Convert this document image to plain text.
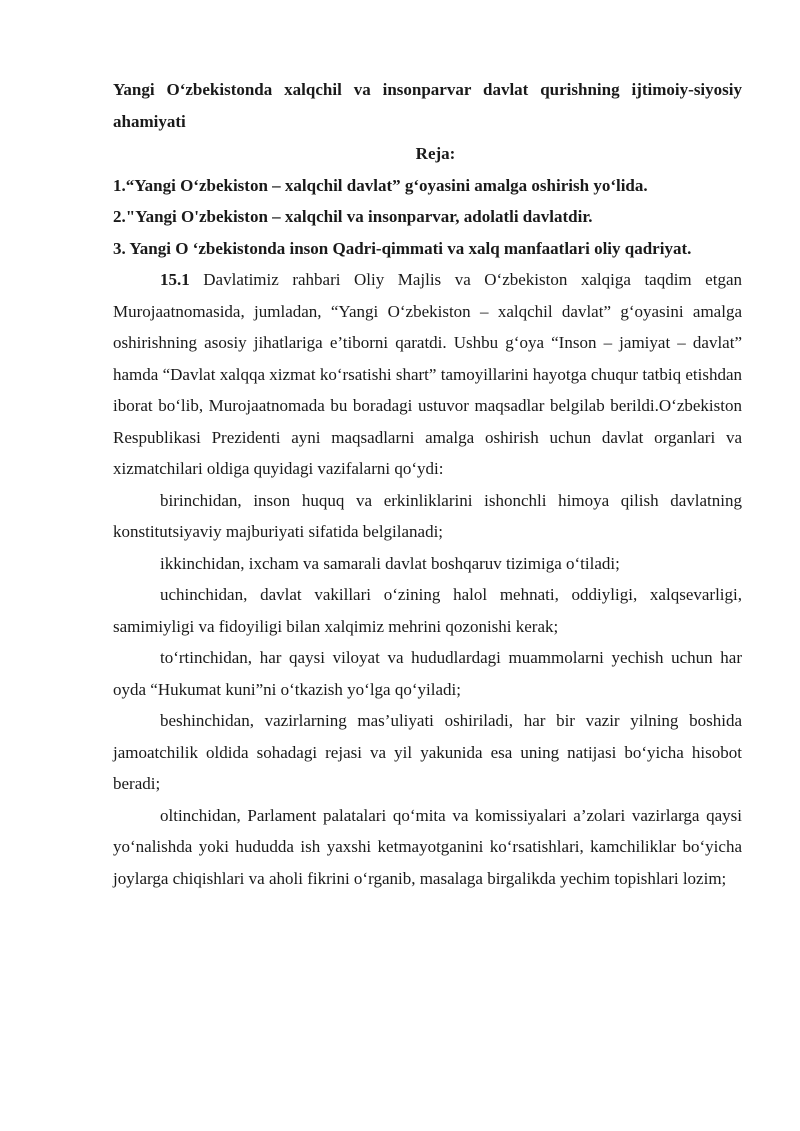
Yangi O‘zbekistonda xalqchil va insonparvar davlat qurishning ijtimoiy-siyosiy ahamiyati

Reja:

1.“Yangi O‘zbekiston – xalqchil davlat” g‘oyasini amalga oshirish yo‘lida.

2."Yangi O'zbekiston – xalqchil va insonparvar, adolatli davlatdir.

3. Yangi O ‘zbekistonda inson Qadri-qimmati va xalq manfaatlari oliy qadriyat.

15.1 Davlatimiz rahbari Oliy Majlis va O‘zbekiston xalqiga taqdim etgan Murojaatnomasida, jumladan, “Yangi O‘zbekiston – xalqchil davlat” g‘oyasini amalga oshirishning asosiy jihatlariga e’tiborni qaratdi. Ushbu g‘oya “Inson – jamiyat – davlat” hamda “Davlat xalqqa xizmat ko‘rsatishi shart” tamoyillarini hayotga chuqur tatbiq etishdan iborat bo‘lib, Murojaatnomada bu boradagi ustuvor maqsadlar belgilab berildi.O‘zbekiston Respublikasi Prezidenti ayni maqsadlarni amalga oshirish uchun davlat organlari va xizmatchilari oldiga quyidagi vazifalarni qo‘ydi:

birinchidan, inson huquq va erkinliklarini ishonchli himoya qilish davlatning konstitutsiyaviy majburiyati sifatida belgilanadi;

ikkinchidan, ixcham va samarali davlat boshqaruv tizimiga o‘tiladi;

uchinchidan, davlat vakillari o‘zining halol mehnati, oddiyligi, xalqsevarligi, samimiyligi va fidoyiligi bilan xalqimiz mehrini qozonishi kerak;

to‘rtinchidan, har qaysi viloyat va hududlardagi muammolarni yechish uchun har oyda “Hukumat kuni”ni o‘tkazish yo‘lga qo‘yiladi;

beshinchidan, vazirlarning mas’uliyati oshiriladi, har bir vazir yilning boshida jamoatchilik oldida sohadagi rejasi va yil yakunida esa uning natijasi bo‘yicha hisobot beradi;

oltinchidan, Parlament palatalari qo‘mita va komissiyalari a’zolari vazirlarga qaysi yo‘nalishda yoki hududda ish yaxshi ketmayotganini ko‘rsatishlari, kamchiliklar bo‘yicha joylarga chiqishlari va aholi fikrini o‘rganib, masalaga birgalikda yechim topishlari lozim;
